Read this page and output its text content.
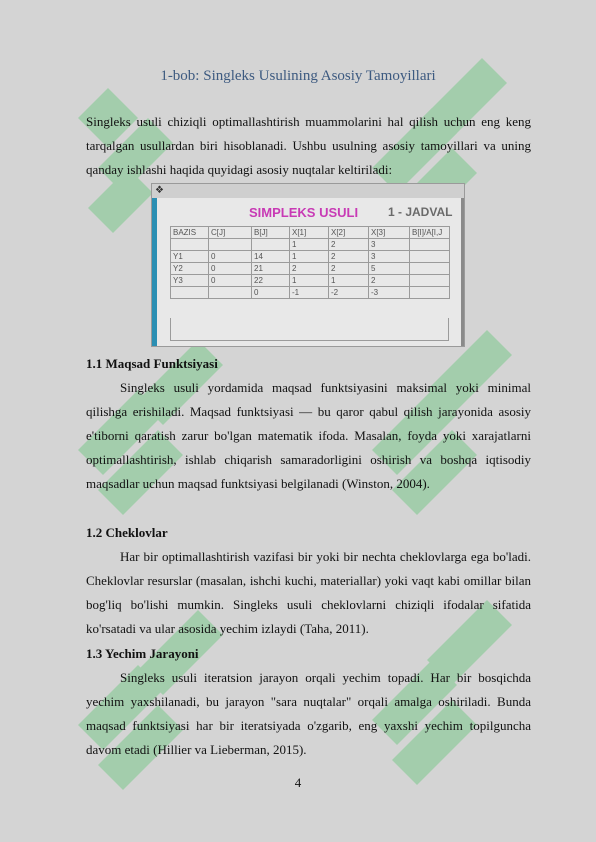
1-bob: Singleks Usulining Asosiy Tamoyillari
Singleks usuli chiziqli optimallashtirish muammolarini hal qilish uchun eng keng tarqalgan usullardan biri hisoblanadi. Ushbu usulning asosiy tamoyillari va uning qanday ishlashi haqida quyidagi asosiy nuqtalar keltiriladi:
❖
SIMPLEKS USULI 1 - JADVAL
BAZIS	C[J]	B[J]	X[1]	X[2]	X[3]	B[I]/A[I,J
			1	2	3	
Y1	0	14	1	2	3	
Y2	0	21	2	2	5	
Y3	0	22	1	1	2	
		0	-1	-2	-3	
1.1 Maqsad Funktsiyasi
Singleks usuli yordamida maqsad funktsiyasini maksimal yoki minimal qilishga erishiladi. Maqsad funktsiyasi — bu qaror qabul qilish jarayonida asosiy e'tiborni qaratish zarur bo'lgan matematik ifoda. Masalan, foyda yoki xarajatlarni optimallashtirish, ishlab chiqarish samaradorligini oshirish va boshqa iqtisodiy maqsadlar uchun maqsad funktsiyasi belgilanadi (Winston, 2004).
1.2 Cheklovlar
Har bir optimallashtirish vazifasi bir yoki bir nechta cheklovlarga ega bo'ladi. Cheklovlar resurslar (masalan, ishchi kuchi, materiallar) yoki vaqt kabi omillar bilan bog'liq bo'lishi mumkin. Singleks usuli cheklovlarni chiziqli ifodalar sifatida ko'rsatadi va ular asosida yechim izlaydi (Taha, 2011).
1.3 Yechim Jarayoni
Singleks usuli iteratsion jarayon orqali yechim topadi. Har bir bosqichda yechim yaxshilanadi, bu jarayon "sara nuqtalar" orqali amalga oshiriladi. Bunda maqsad funktsiyasi har bir iteratsiyada o'zgarib, eng yaxshi yechim topilguncha davom etadi (Hillier va Lieberman, 2015).
4
